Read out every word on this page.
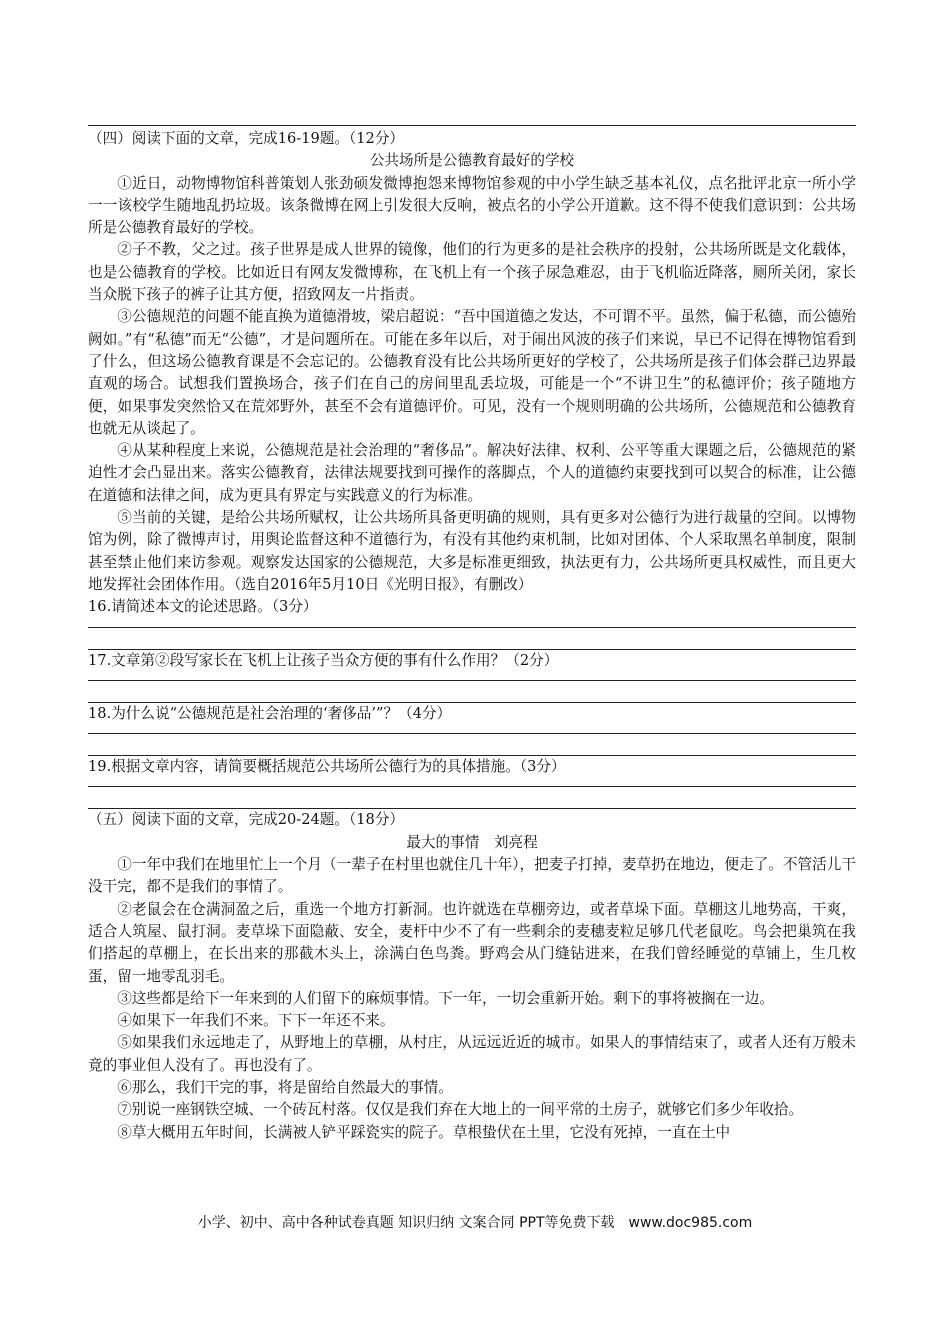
（四）阅读下面的文章，完成16-19题。（12分）
公共场所是公德教育最好的学校

①近日，动物博物馆科普策划人张劲硕发微博抱怨来博物馆参观的中小学生缺乏基本礼仪，点名批评北京一所小学一一该校学生随地乱扔垃圾。该条微博在网上引发很大反响，被点名的小学公开道歉。这不得不使我们意识到：公共场所是公德教育最好的学校。

②子不教，父之过。孩子世界是成人世界的镜像，他们的行为更多的是社会秩序的投射，公共场所既是文化载体，也是公德教育的学校。比如近日有网友发微博称，在飞机上有一个孩子尿急难忍，由于飞机临近降落，厕所关闭，家长当众脱下孩子的裤子让其方便，招致网友一片指责。

③公德规范的问题不能直换为道德滑坡，梁启超说：“吾中国道德之发达，不可谓不平。虽然，偏于私德，而公德殆阙如。”有“私德”而无“公德”，才是问题所在。可能在多年以后，对于闹出风波的孩子们来说，早已不记得在博物馆看到了什么，但这场公德教育课是不会忘记的。公德教育没有比公共场所更好的学校了，公共场所是孩子们体会群己边界最直观的场合。试想我们置换场合，孩子们在自己的房间里乱丢垃圾，可能是一个“不讲卫生”的私德评价；孩子随地方便，如果事发突然恰又在荒郊野外，甚至不会有道德评价。可见，没有一个规则明确的公共场所，公德规范和公德教育也就无从谈起了。

④从某种程度上来说，公德规范是社会治理的“奢侈品”。解决好法律、权利、公平等重大课题之后，公德规范的紧迫性才会凸显出来。落实公德教育，法律法规要找到可操作的落脚点，个人的道德约束要找到可以契合的标准，让公德在道德和法律之间，成为更具有界定与实践意义的行为标准。

⑤当前的关键，是给公共场所赋权，让公共场所具备更明确的规则，具有更多对公德行为进行裁量的空间。以博物馆为例，除了微博声讨，用舆论监督这种不道德行为，有没有其他约束机制，比如对团体、个人采取黑名单制度，限制甚至禁止他们来访参观。观察发达国家的公德规范，大多是标准更细致，执法更有力，公共场所更具权威性，而且更大地发挥社会团体作用。（选自2016年5月10日《光明日报》，有删改）

16.请简述本文的论述思路。（3分）

17.文章第②段写家长在飞机上让孩子当众方便的事有什么作用？（2分）

18.为什么说“公德规范是社会治理的‘奢侈品’”？（4分）

19.根据文章内容，请简要概括规范公共场所公德行为的具体措施。（3分）

（五）阅读下面的文章，完成20-24题。（18分）
最大的事情　刘亮程

①一年中我们在地里忙上一个月（一辈子在村里也就住几十年），把麦子打掉，麦草扔在地边，便走了。不管活儿干没干完，都不是我们的事情了。

②老鼠会在仓满洞盈之后，重选一个地方打新洞。也许就选在草棚旁边，或者草垛下面。草棚这儿地势高，干爽，适合人筑屋、鼠打洞。麦草垛下面隐蔽、安全，麦杆中少不了有一些剩余的麦穗麦粒足够几代老鼠吃。鸟会把巢筑在我们搭起的草棚上，在长出来的那截木头上，涂满白色鸟粪。野鸡会从门缝钻进来，在我们曾经睡觉的草铺上，生几枚蛋，留一地零乱羽毛。

③这些都是给下一年来到的人们留下的麻烦事情。下一年，一切会重新开始。剩下的事将被搁在一边。

④如果下一年我们不来。下下一年还不来。

⑤如果我们永远地走了，从野地上的草棚，从村庄，从远远近近的城市。如果人的事情结束了，或者人还有万般未竟的事业但人没有了。再也没有了。

⑥那么，我们干完的事，将是留给自然最大的事情。

⑦别说一座钢铁空城、一个砖瓦村落。仅仅是我们弃在大地上的一间平常的土房子，就够它们多少年收拾。

⑧草大概用五年时间，长满被人铲平踩瓷实的院子。草根蛰伏在土里，它没有死掉，一直在土中

小学、初中、高中各种试卷真题 知识归纳 文案合同 PPT等免费下载　www.doc985.com
